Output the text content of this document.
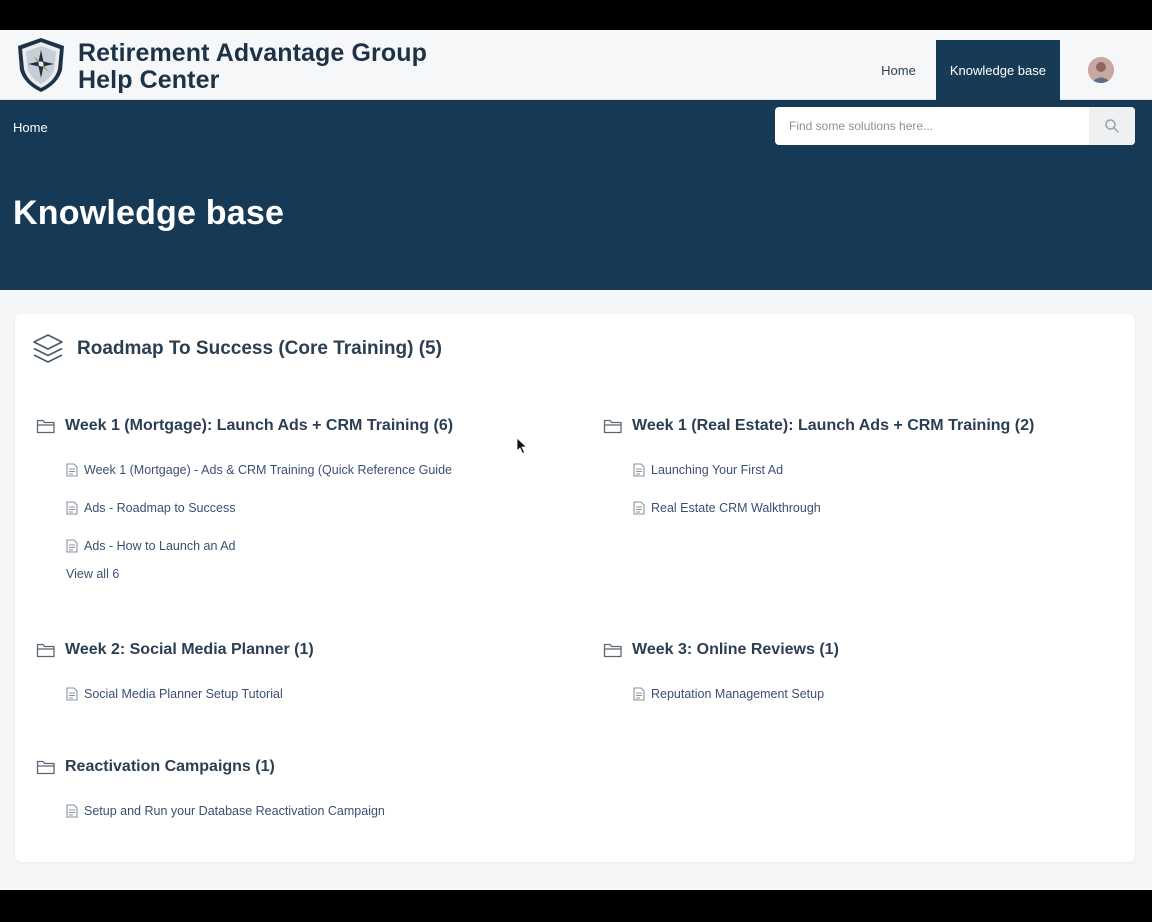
Retirement Advantage Group
Help Center	Home	Knowledge base
Home
Find some solutions here...
Knowledge base
Roadmap To Success (Core Training) (5)
Week 1 (Mortgage): Launch Ads + CRM Training (6)
Week 1 (Mortgage) - Ads & CRM Training (Quick Reference Guide
Ads - Roadmap to Success
Ads - How to Launch an Ad
View all 6
Week 1 (Real Estate): Launch Ads + CRM Training (2)
Launching Your First Ad
Real Estate CRM Walkthrough
Week 2: Social Media Planner (1)
Social Media Planner Setup Tutorial
Week 3: Online Reviews (1)
Reputation Management Setup
Reactivation Campaigns (1)
Setup and Run your Database Reactivation Campaign
